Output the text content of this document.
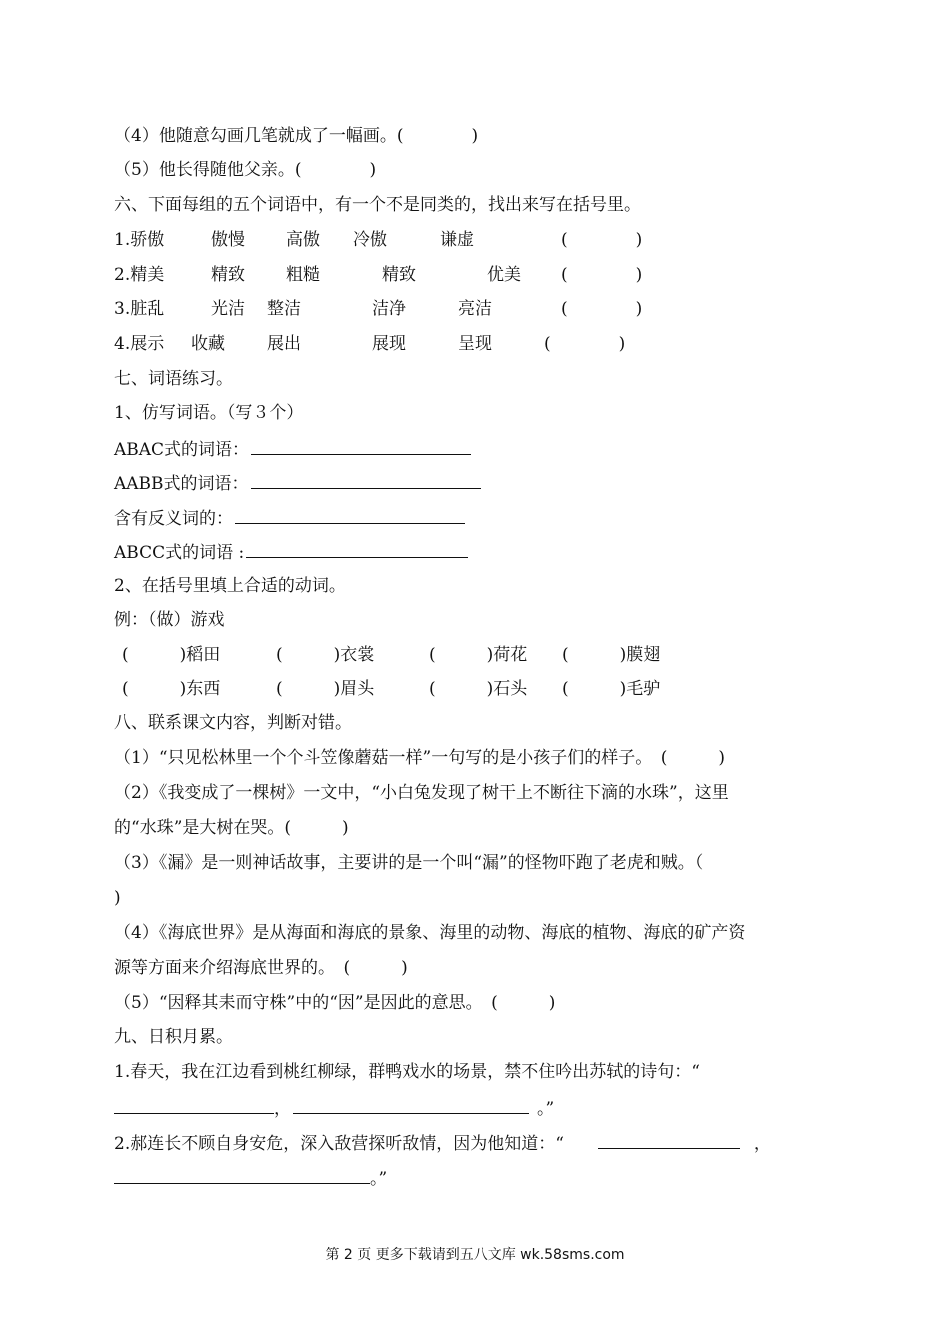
（4）他随意勾画几笔就成了一幅画。(　　　　)
（5）他长得随他父亲。(　　　　)
六、下面每组的五个词语中，有一个不是同类的，找出来写在括号里。
1.骄傲	傲慢 高傲 冷傲	谦虚	(　　　　)
2.精美	精致 粗糙	精致	优美 (　　　　)
3.脏乱	光洁 整洁	洁净	亮洁	(　　　　)
4.展示 收藏 展出	展现	呈现	(　　　　)
七、词语练习。
1、仿写词语。（写３个）
ABAC式的词语：
AABB式的词语：
含有反义词的：
ABCC式的词语 :
2、在括号里填上合适的动词。
例：（做）游戏
(　　　)稻田	(　　　)衣裳	(　　　)荷花 (　　　)膜翅
(　　　)东西	(　　　)眉头	(　　　)石头 (　　　)毛驴
八、联系课文内容，判断对错。
（1）“只见松林里一个个斗笠像蘑菇一样”一句写的是小孩子们的样子。　(　　　)
（2）《我变成了一棵树》一文中，“小白兔发现了树干上不断往下滴的水珠”，这里
的“水珠”是大树在哭。(　　　)
（3）《漏》是一则神话故事，主要讲的是一个叫“漏”的怪物吓跑了老虎和贼。（
)
（4）《海底世界》是从海面和海底的景象、海里的动物、海底的植物、海底的矿产资
源等方面来介绍海底世界的。　(　　　)
（5）“因释其耒而守株”中的“因”是因此的意思。　(　　　)
九、日积月累。
1.春天，我在江边看到桃红柳绿，群鸭戏水的场景，禁不住吟出苏轼的诗句：“
，	。”
2.郝连长不顾自身安危，深入敌营探听敌情，因为他知道：“	，
。”
第 2 页 更多下载请到五八文库 wk.58sms.com
